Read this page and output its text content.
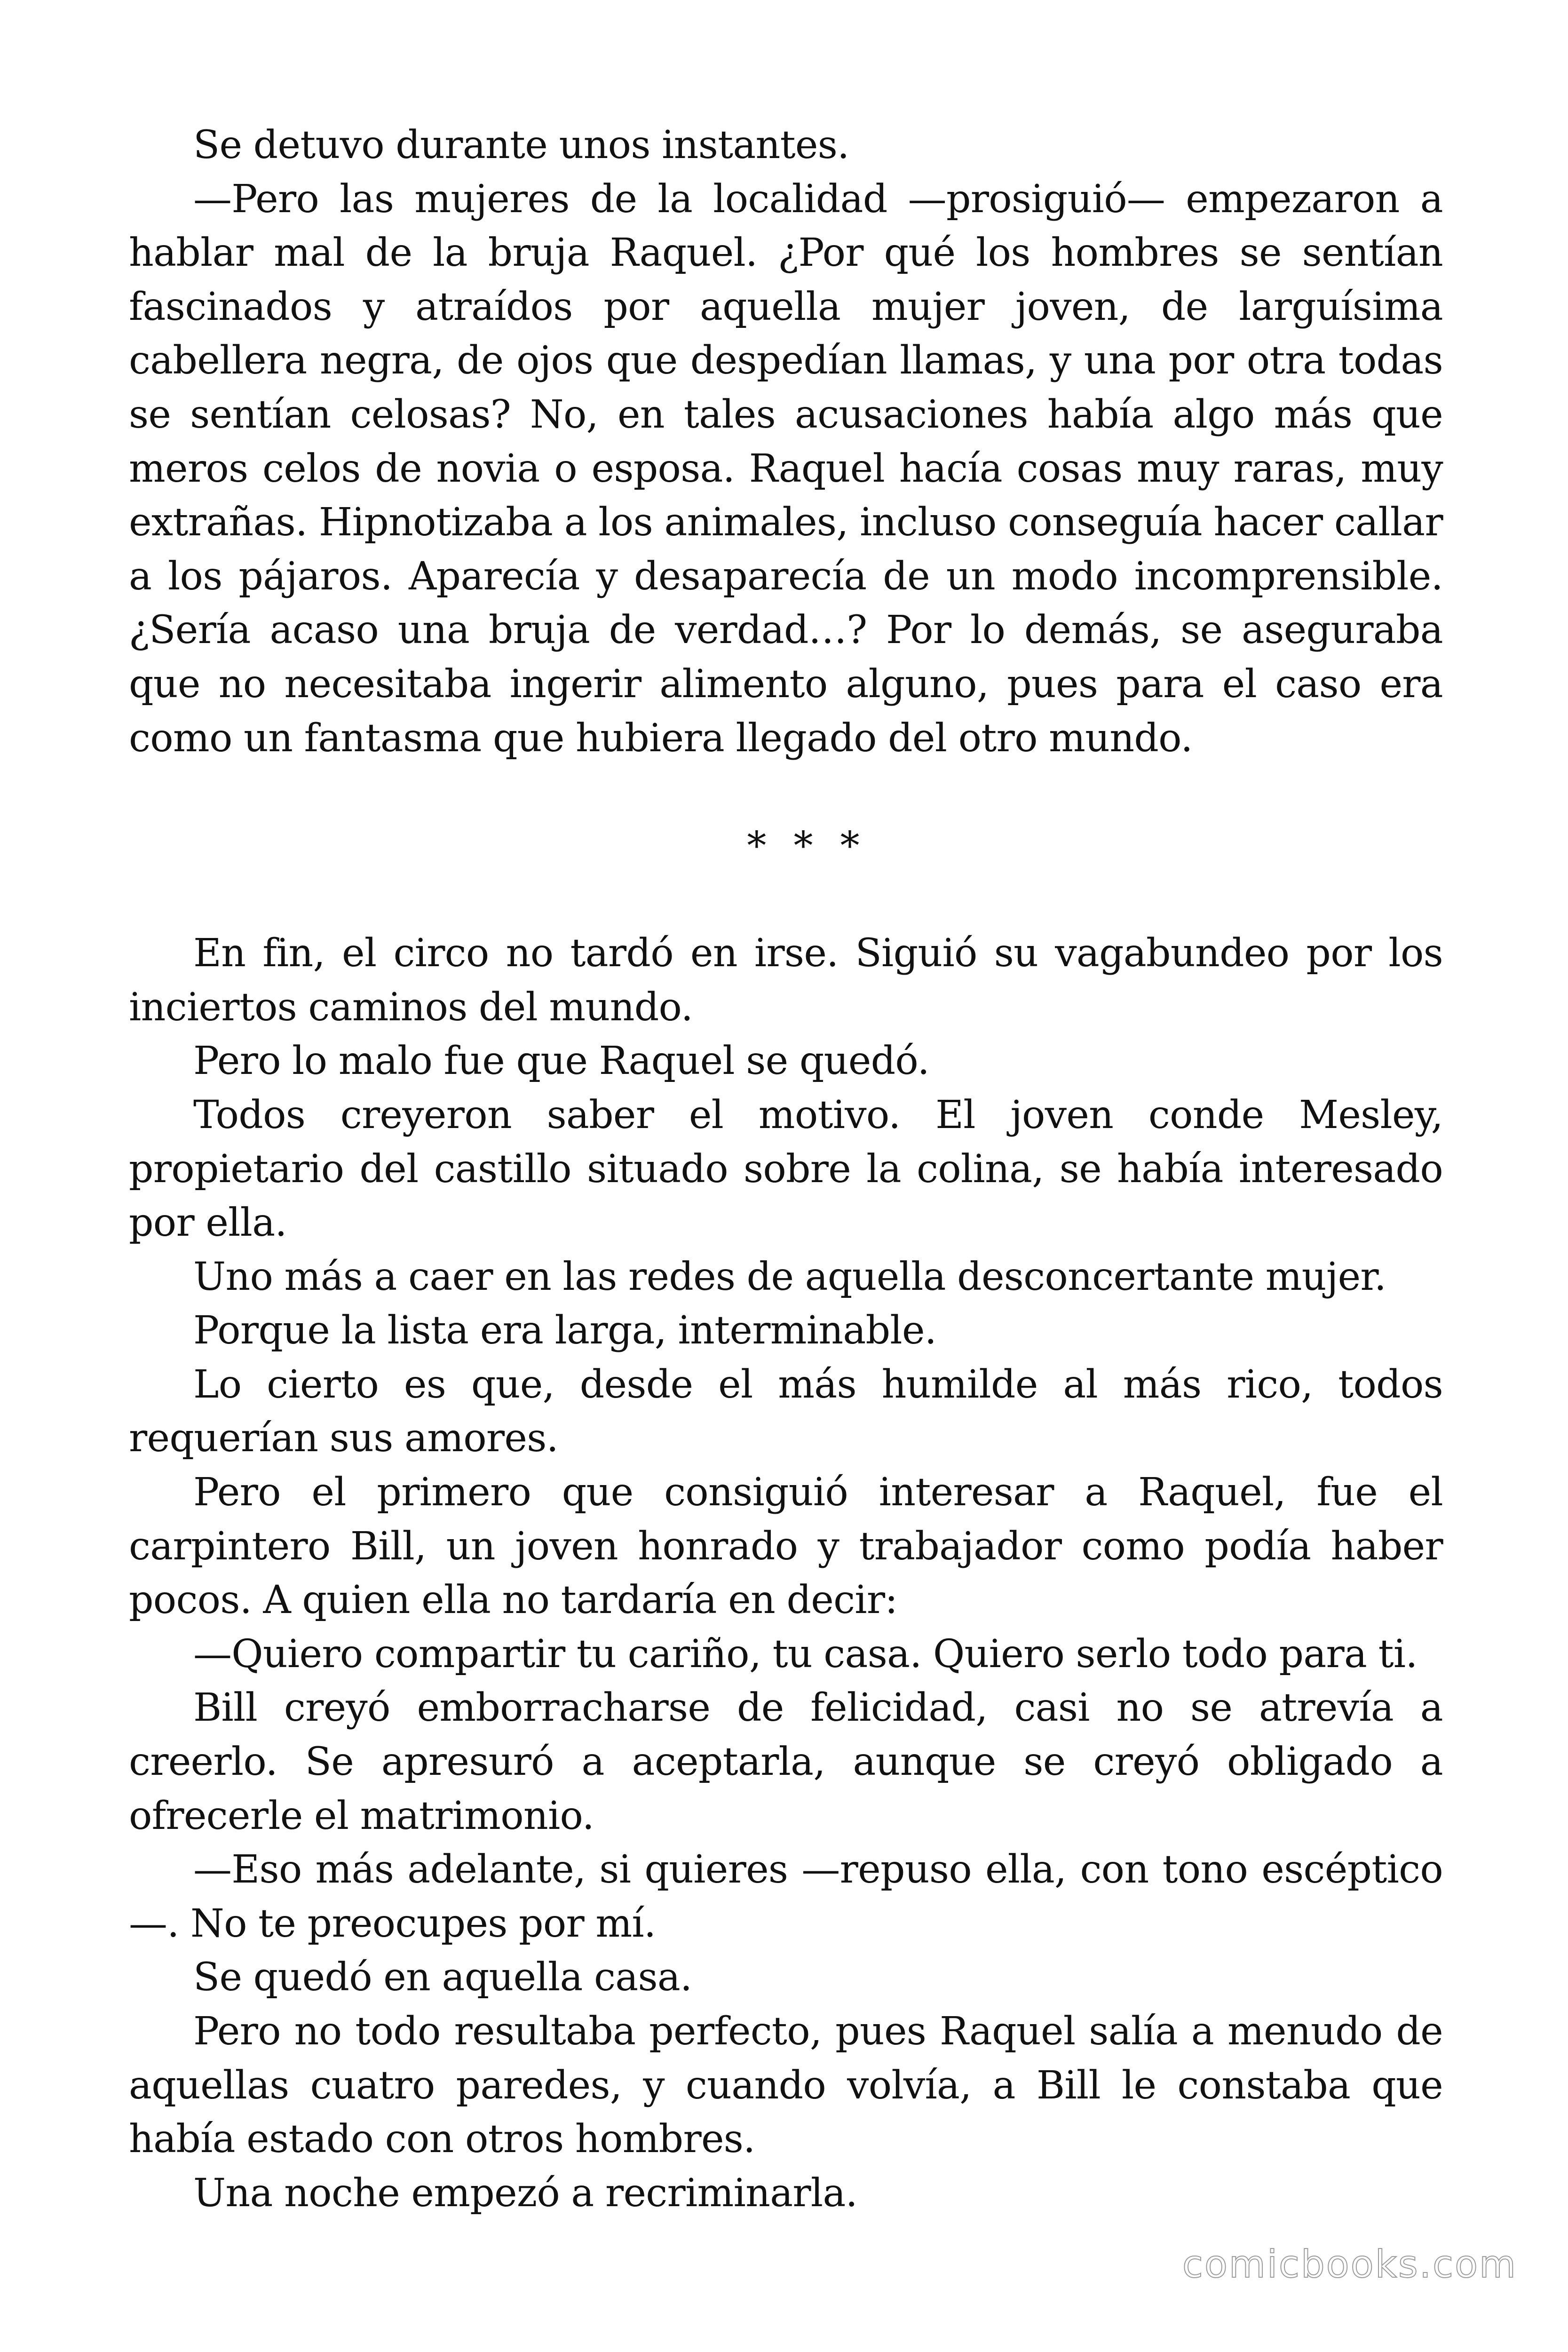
Se detuvo durante unos instantes.

—Pero las mujeres de la localidad —prosiguió— empezaron a hablar mal de la bruja Raquel. ¿Por qué los hombres se sentían fascinados y atraídos por aquella mujer joven, de larguísima cabellera negra, de ojos que despedían llamas, y una por otra todas se sentían celosas? No, en tales acusaciones había algo más que meros celos de novia o esposa. Raquel hacía cosas muy raras, muy extrañas. Hipnotizaba a los animales, incluso conseguía hacer callar a los pájaros. Aparecía y desaparecía de un modo incomprensible. ¿Sería acaso una bruja de verdad…? Por lo demás, se aseguraba que no necesitaba ingerir alimento alguno, pues para el caso era como un fantasma que hubiera llegado del otro mundo.

* * *

En fin, el circo no tardó en irse. Siguió su vagabundeo por los inciertos caminos del mundo.

Pero lo malo fue que Raquel se quedó.

Todos creyeron saber el motivo. El joven conde Mesley, propietario del castillo situado sobre la colina, se había interesado por ella.

Uno más a caer en las redes de aquella desconcertante mujer.

Porque la lista era larga, interminable.

Lo cierto es que, desde el más humilde al más rico, todos requerían sus amores.

Pero el primero que consiguió interesar a Raquel, fue el carpintero Bill, un joven honrado y trabajador como podía haber pocos. A quien ella no tardaría en decir:

—Quiero compartir tu cariño, tu casa. Quiero serlo todo para ti.

Bill creyó emborracharse de felicidad, casi no se atrevía a creerlo. Se apresuró a aceptarla, aunque se creyó obligado a ofrecerle el matrimonio.

—Eso más adelante, si quieres —repuso ella, con tono escéptico—. No te preocupes por mí.

Se quedó en aquella casa.

Pero no todo resultaba perfecto, pues Raquel salía a menudo de aquellas cuatro paredes, y cuando volvía, a Bill le constaba que había estado con otros hombres.

Una noche empezó a recriminarla.

comicbooks.com
